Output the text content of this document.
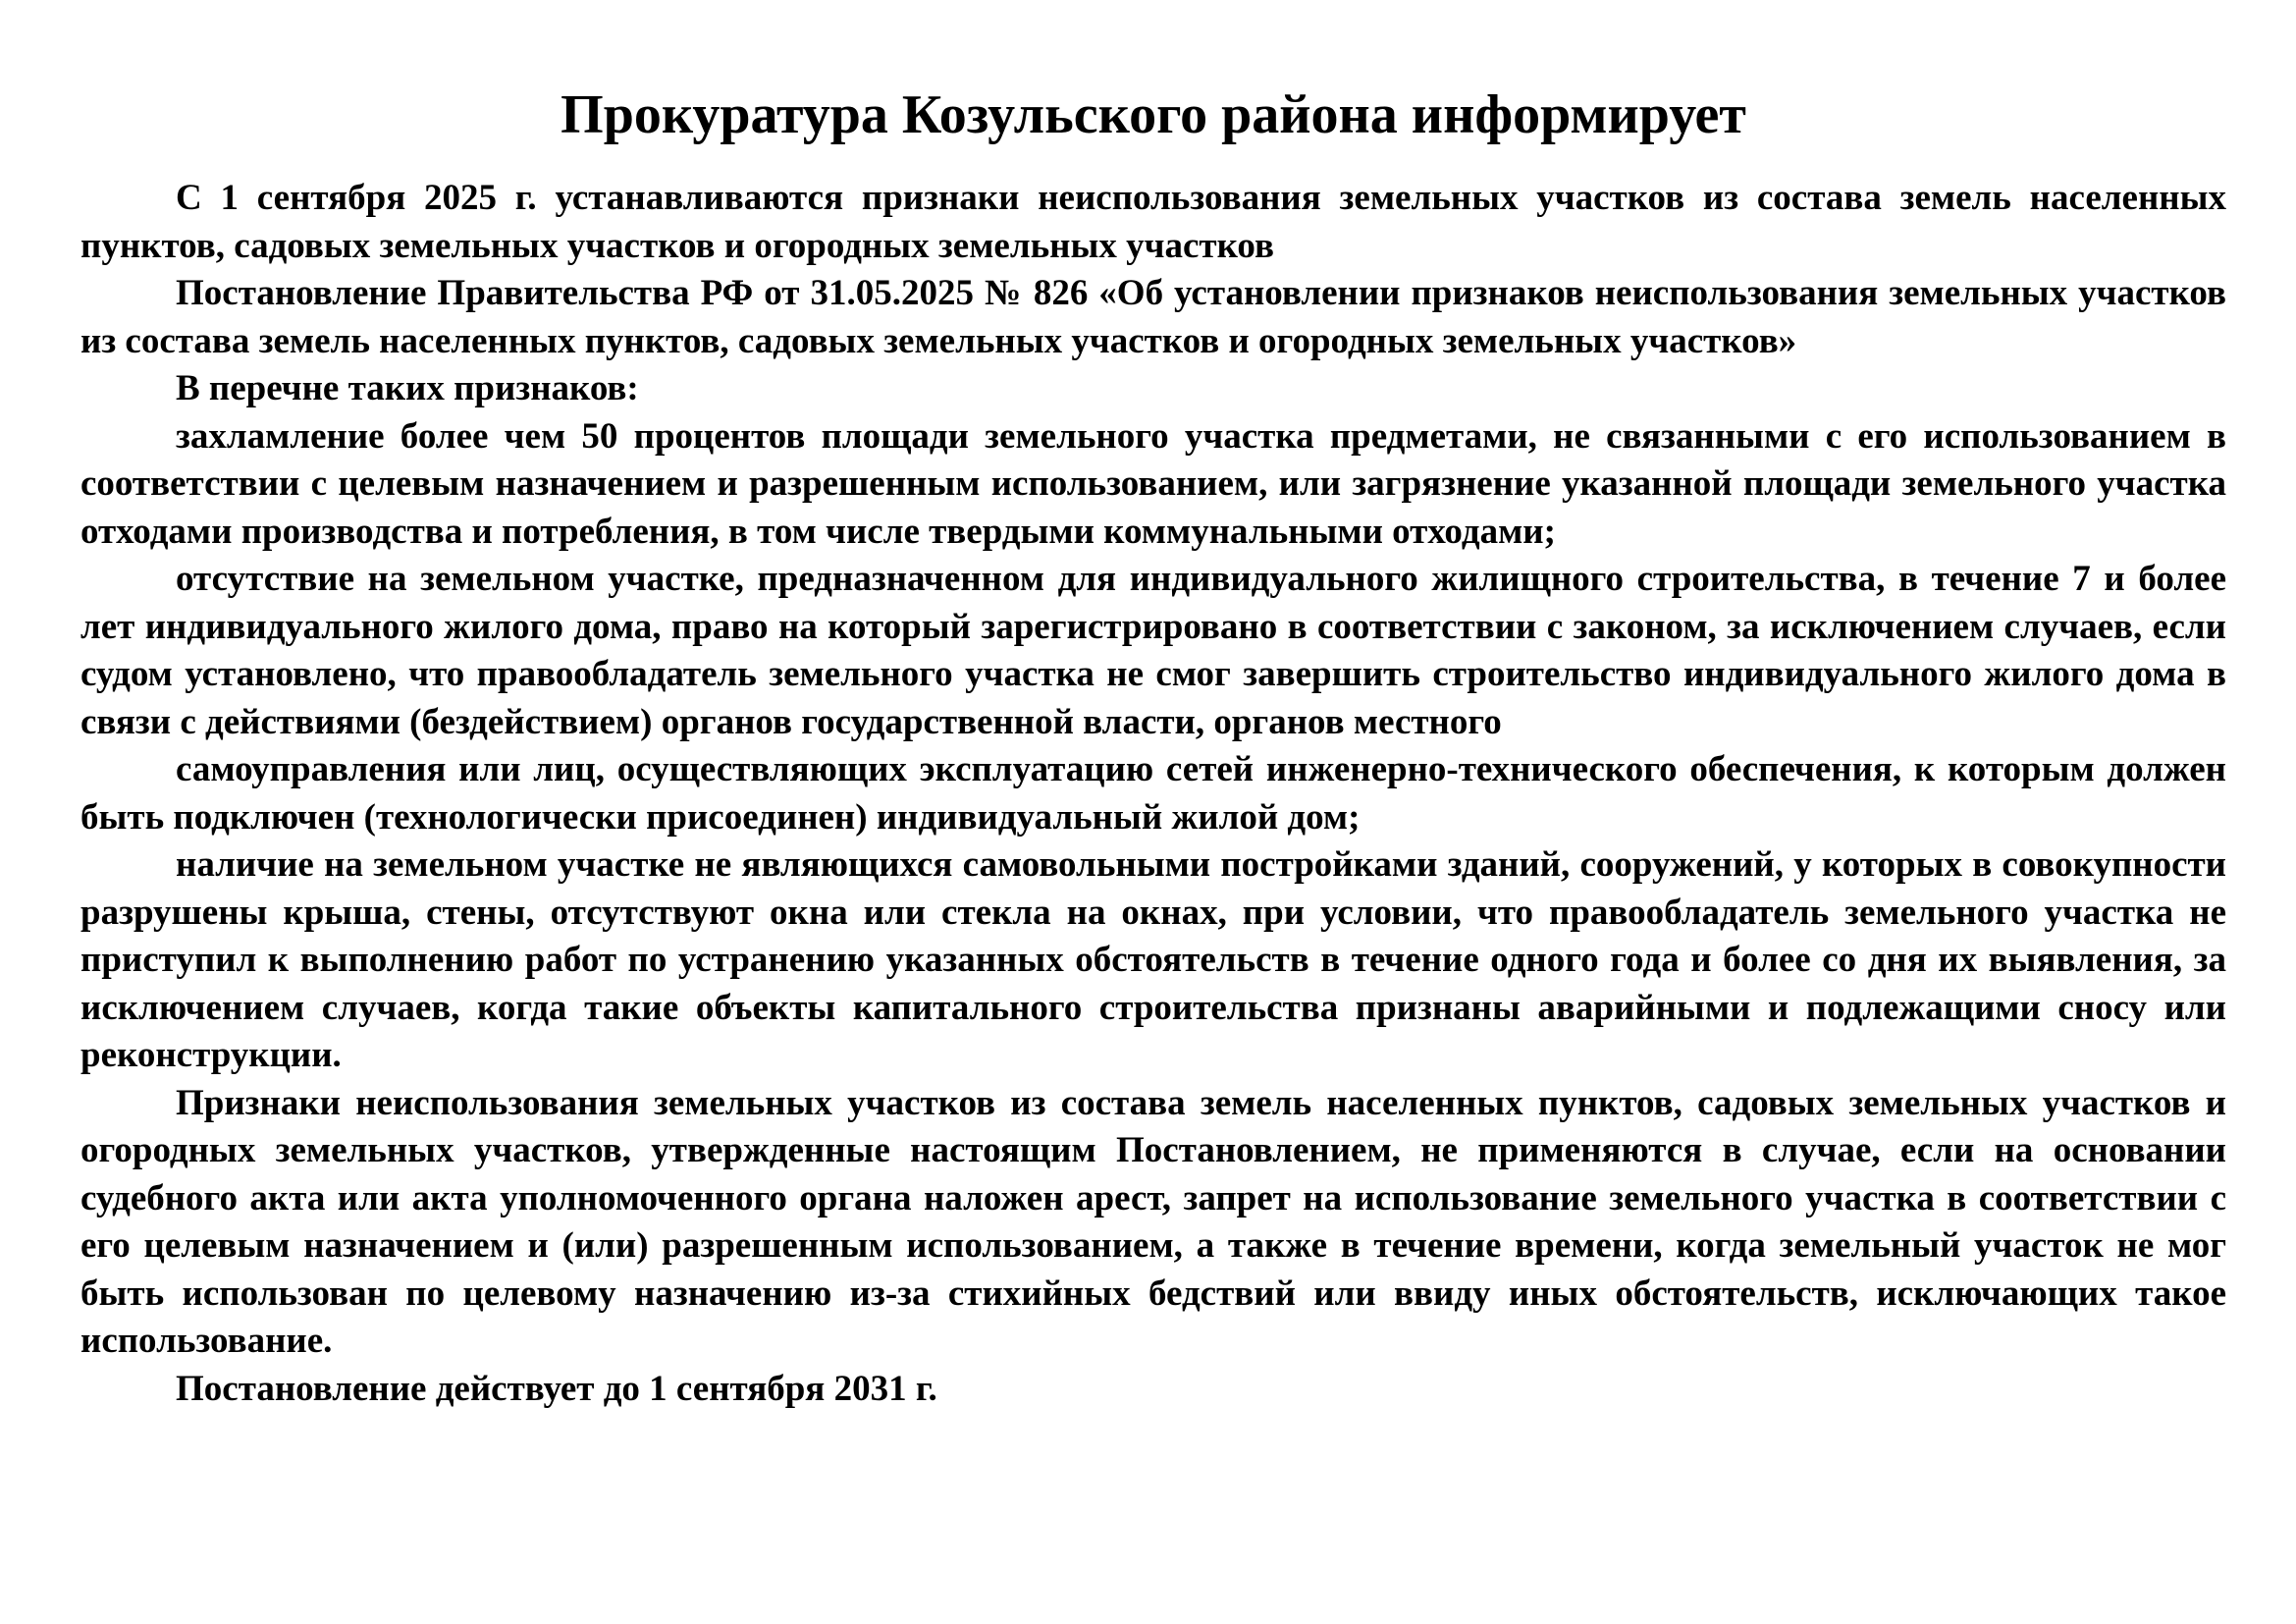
Прокуратура Козульского района информирует

С 1 сентября 2025 г. устанавливаются признаки неиспользования земельных участков из состава земель населенных пунктов, садовых земельных участков и огородных земельных участков

Постановление Правительства РФ от 31.05.2025 № 826 «Об установлении признаков неиспользования земельных участков из состава земель населенных пунктов, садовых земельных участков и огородных земельных участков»

В перечне таких признаков:

захламление более чем 50 процентов площади земельного участка предметами, не связанными с его использованием в соответствии с целевым назначением и разрешенным использованием, или загрязнение указанной площади земельного участка отходами производства и потребления, в том числе твердыми коммунальными отходами;

отсутствие на земельном участке, предназначенном для индивидуального жилищного строительства, в течение 7 и более лет индивидуального жилого дома, право на который зарегистрировано в соответствии с законом, за исключением случаев, если судом установлено, что правообладатель земельного участка не смог завершить строительство индивидуального жилого дома в связи с действиями (бездействием) органов государственной власти, органов местного

самоуправления или лиц, осуществляющих эксплуатацию сетей инженерно-технического обеспечения, к которым должен быть подключен (технологически присоединен) индивидуальный жилой дом;

наличие на земельном участке не являющихся самовольными постройками зданий, сооружений, у которых в совокупности разрушены крыша, стены, отсутствуют окна или стекла на окнах, при условии, что правообладатель земельного участка не приступил к выполнению работ по устранению указанных обстоятельств в течение одного года и более со дня их выявления, за исключением случаев, когда такие объекты капитального строительства признаны аварийными и подлежащими сносу или реконструкции.

Признаки неиспользования земельных участков из состава земель населенных пунктов, садовых земельных участков и огородных земельных участков, утвержденные настоящим Постановлением, не применяются в случае, если на основании судебного акта или акта уполномоченного органа наложен арест, запрет на использование земельного участка в соответствии с его целевым назначением и (или) разрешенным использованием, а также в течение времени, когда земельный участок не мог быть использован по целевому назначению из-за стихийных бедствий или ввиду иных обстоятельств, исключающих такое использование.

Постановление действует до 1 сентября 2031 г.
